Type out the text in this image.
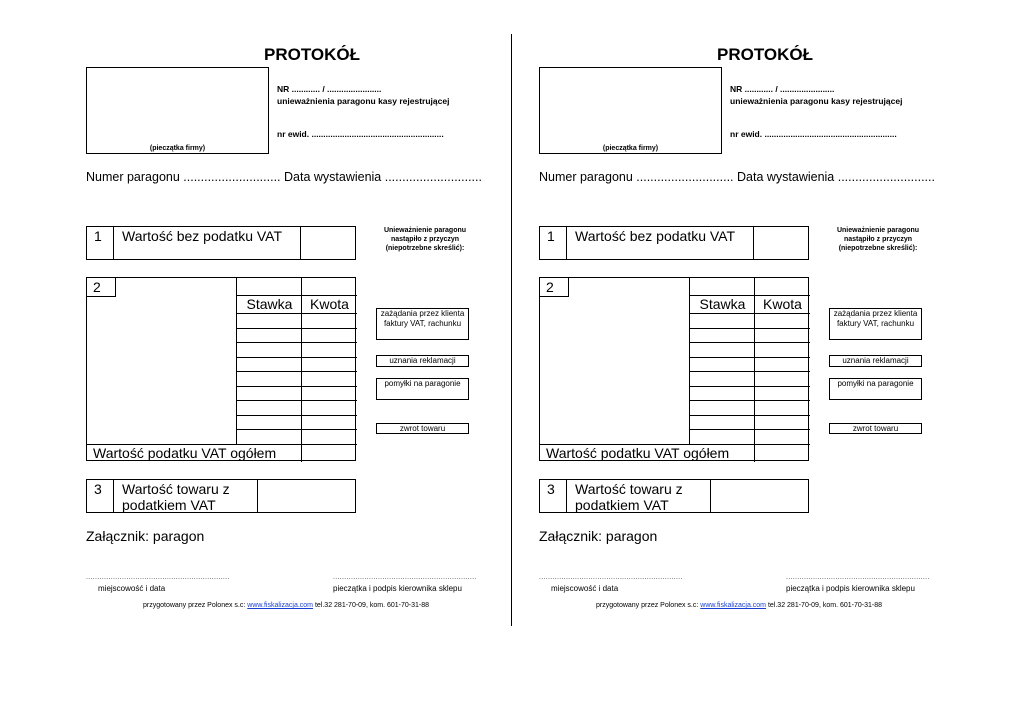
PROTOKÓŁ
(pieczątka firmy)
NR ............ / .......................
unieważnienia paragonu kasy rejestrującej
nr ewid. ........................................................
Numer paragonu ............................ Data wystawienia ............................
1	Wartość bez podatku VAT
2
Stawka	Kwota
Wartość podatku VAT ogółem
3	Wartość towaru z podatkiem VAT
Unieważnienie paragonu nastąpiło z przyczyn (niepotrzebne skreślić):
zażądania przez klienta faktury VAT, rachunku
uznania reklamacji
pomyłki na paragonie
zwrot towaru
Załącznik: paragon
................................................................	................................................................
miejscowość i data	pieczątka i podpis kierownika sklepu
przygotowany przez Polonex s.c: www.fiskalizacja.com tel.32 281-70-09, kom. 601-70-31-88
PROTOKÓŁ
(pieczątka firmy)
NR ............ / .......................
unieważnienia paragonu kasy rejestrującej
nr ewid. ........................................................
Numer paragonu ............................ Data wystawienia ............................
1	Wartość bez podatku VAT
2
Stawka	Kwota
Wartość podatku VAT ogółem
3	Wartość towaru z podatkiem VAT
Unieważnienie paragonu nastąpiło z przyczyn (niepotrzebne skreślić):
zażądania przez klienta faktury VAT, rachunku
uznania reklamacji
pomyłki na paragonie
zwrot towaru
Załącznik: paragon
................................................................	................................................................
miejscowość i data	pieczątka i podpis kierownika sklepu
przygotowany przez Polonex s.c: www.fiskalizacja.com tel.32 281-70-09, kom. 601-70-31-88
